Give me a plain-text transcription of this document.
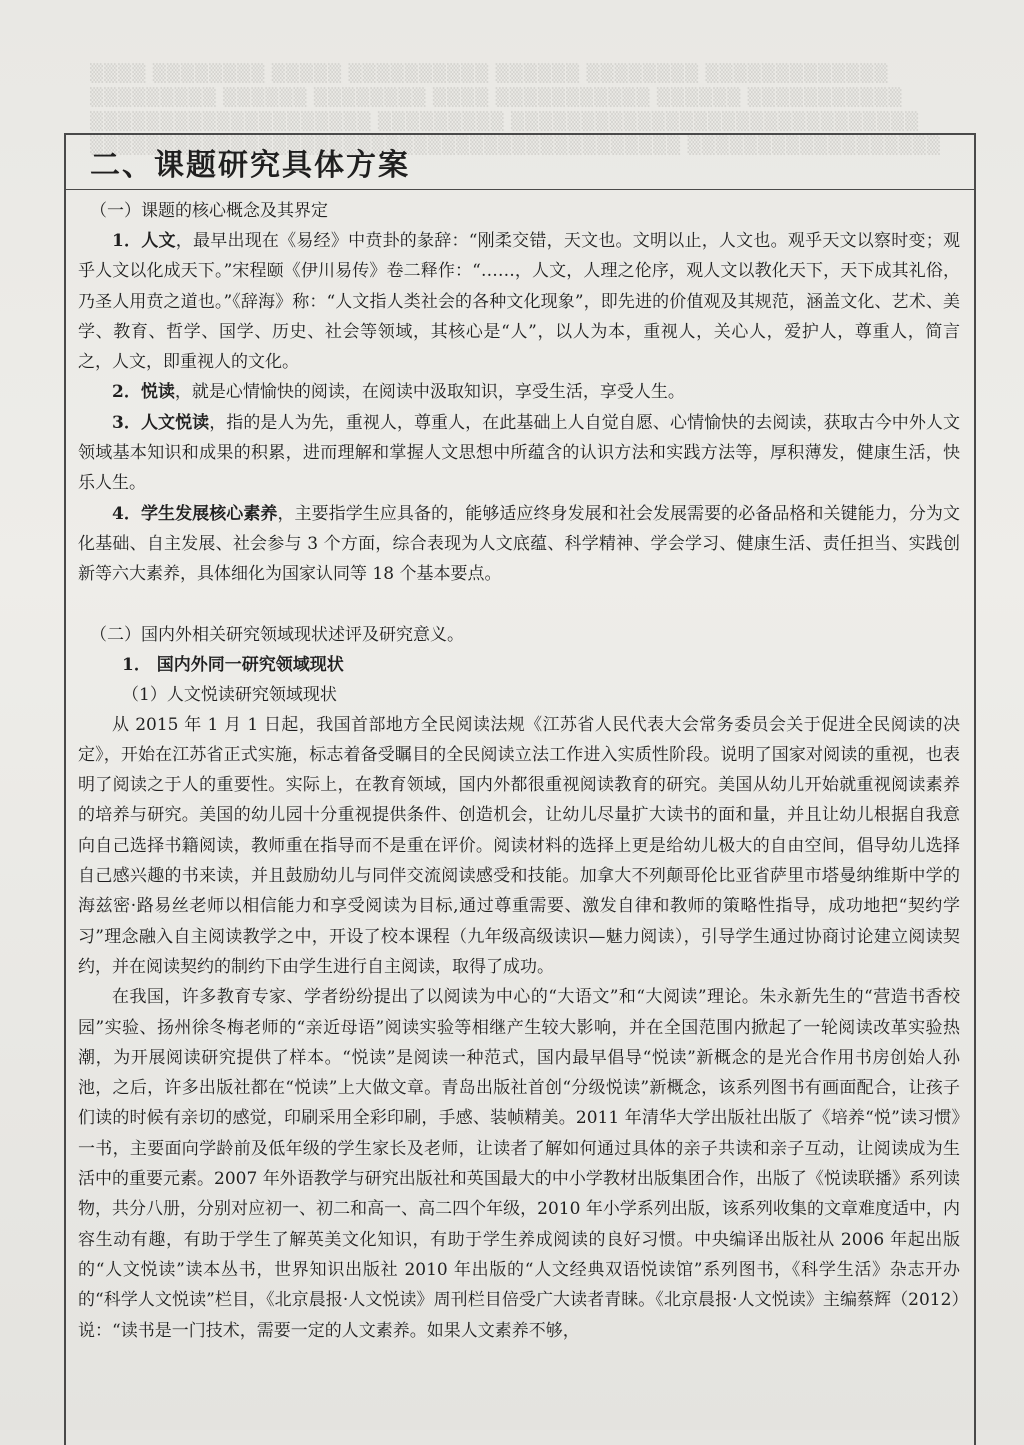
▒▒▒▒ ▒▒▒▒▒▒▒▒ ▒▒▒▒▒ ▒▒▒▒▒▒▒▒▒▒ ▒▒▒▒▒▒ ▒▒▒▒▒▒▒▒ ▒▒▒▒▒▒▒▒▒▒▒▒▒
▒▒▒▒▒▒▒▒▒ ▒▒▒▒▒▒ ▒▒▒▒▒▒▒▒ ▒▒▒▒ ▒▒▒▒▒▒▒▒▒▒▒ ▒▒▒▒▒▒ ▒▒▒▒▒▒▒▒▒▒▒
▒▒▒▒▒▒▒▒▒▒▒▒▒▒▒▒▒▒▒▒ ▒▒▒▒▒▒▒▒▒ ▒▒▒▒▒▒▒▒▒▒▒▒▒▒▒▒▒▒▒▒▒▒▒▒▒▒▒▒▒
▒▒▒▒▒▒▒▒▒▒▒▒▒▒▒▒▒▒▒▒▒▒▒▒▒▒▒▒▒▒▒▒▒▒▒▒▒▒▒▒▒▒ ▒▒▒▒▒▒▒▒▒▒▒▒▒▒▒▒▒▒
二、课题研究具体方案

（一）课题的核心概念及其界定

1．人文，最早出现在《易经》中贲卦的彖辞：“刚柔交错，天文也。文明以止，人文也。观乎天文以察时变；观乎人文以化成天下。”宋程颐《伊川易传》卷二释作：“……，人文，人理之伦序，观人文以教化天下，天下成其礼俗，乃圣人用贲之道也。”《辞海》称：“人文指人类社会的各种文化现象”，即先进的价值观及其规范，涵盖文化、艺术、美学、教育、哲学、国学、历史、社会等领域，其核心是“人”，以人为本，重视人，关心人，爱护人，尊重人，简言之，人文，即重视人的文化。

2．悦读，就是心情愉快的阅读，在阅读中汲取知识，享受生活，享受人生。

3．人文悦读，指的是人为先，重视人，尊重人，在此基础上人自觉自愿、心情愉快的去阅读，获取古今中外人文领域基本知识和成果的积累，进而理解和掌握人文思想中所蕴含的认识方法和实践方法等，厚积薄发，健康生活，快乐人生。

4．学生发展核心素养，主要指学生应具备的，能够适应终身发展和社会发展需要的必备品格和关键能力，分为文化基础、自主发展、社会参与 3 个方面，综合表现为人文底蕴、科学精神、学会学习、健康生活、责任担当、实践创新等六大素养，具体细化为国家认同等 18 个基本要点。

（二）国内外相关研究领域现状述评及研究意义。

1． 国内外同一研究领域现状

（1）人文悦读研究领域现状

从 2015 年 1 月 1 日起，我国首部地方全民阅读法规《江苏省人民代表大会常务委员会关于促进全民阅读的决定》，开始在江苏省正式实施，标志着备受瞩目的全民阅读立法工作进入实质性阶段。说明了国家对阅读的重视，也表明了阅读之于人的重要性。实际上，在教育领域，国内外都很重视阅读教育的研究。美国从幼儿开始就重视阅读素养的培养与研究。美国的幼儿园十分重视提供条件、创造机会，让幼儿尽量扩大读书的面和量，并且让幼儿根据自我意向自己选择书籍阅读，教师重在指导而不是重在评价。阅读材料的选择上更是给幼儿极大的自由空间，倡导幼儿选择自己感兴趣的书来读，并且鼓励幼儿与同伴交流阅读感受和技能。加拿大不列颠哥伦比亚省萨里市塔曼纳维斯中学的海兹密·路易丝老师以相信能力和享受阅读为目标,通过尊重需要、激发自律和教师的策略性指导，成功地把“契约学习”理念融入自主阅读教学之中，开设了校本课程（九年级高级读识—魅力阅读），引导学生通过协商讨论建立阅读契约，并在阅读契约的制约下由学生进行自主阅读，取得了成功。

在我国，许多教育专家、学者纷纷提出了以阅读为中心的“大语文”和“大阅读”理论。朱永新先生的“营造书香校园”实验、扬州徐冬梅老师的“亲近母语”阅读实验等相继产生较大影响，并在全国范围内掀起了一轮阅读改革实验热潮，为开展阅读研究提供了样本。“悦读”是阅读一种范式，国内最早倡导“悦读”新概念的是光合作用书房创始人孙池，之后，许多出版社都在“悦读”上大做文章。青岛出版社首创“分级悦读”新概念，该系列图书有画面配合，让孩子们读的时候有亲切的感觉，印刷采用全彩印刷，手感、装帧精美。2011 年清华大学出版社出版了《培养“悦”读习惯》一书，主要面向学龄前及低年级的学生家长及老师，让读者了解如何通过具体的亲子共读和亲子互动，让阅读成为生活中的重要元素。2007 年外语教学与研究出版社和英国最大的中小学教材出版集团合作，出版了《悦读联播》系列读物，共分八册，分别对应初一、初二和高一、高二四个年级，2010 年小学系列出版，该系列收集的文章难度适中，内容生动有趣，有助于学生了解英美文化知识，有助于学生养成阅读的良好习惯。中央编译出版社从 2006 年起出版的“人文悦读”读本丛书，世界知识出版社 2010 年出版的“人文经典双语悦读馆”系列图书，《科学生活》杂志开办的“科学人文悦读”栏目，《北京晨报·人文悦读》周刊栏目倍受广大读者青睐。《北京晨报·人文悦读》主编蔡辉（2012）说：“读书是一门技术，需要一定的人文素养。如果人文素养不够，
